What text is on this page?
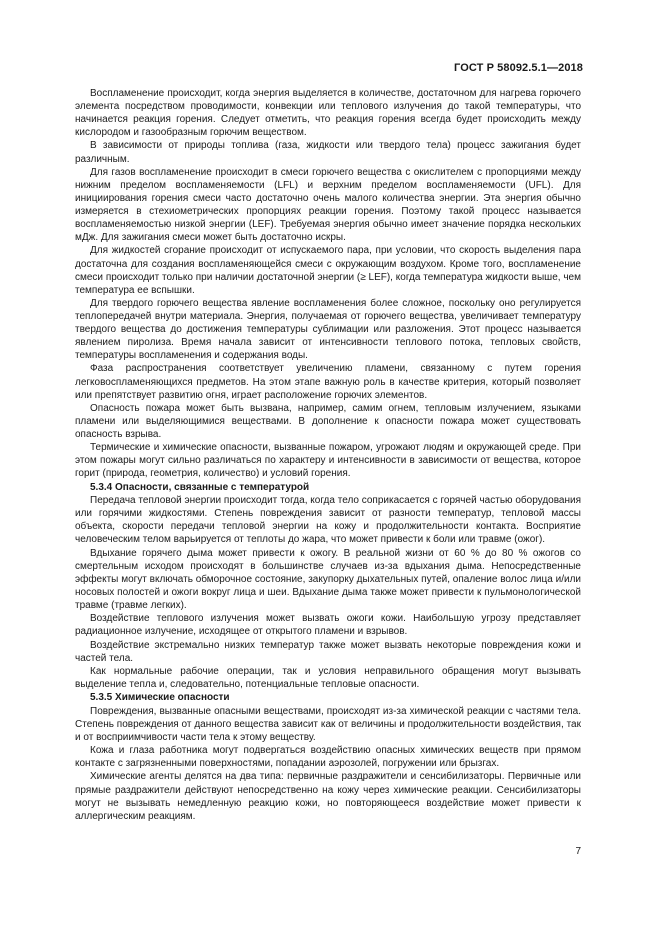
ГОСТ Р 58092.5.1—2018

Воспламенение происходит, когда энергия выделяется в количестве, достаточном для нагрева горючего элемента посредством проводимости, конвекции или теплового излучения до такой температуры, что начинается реакция горения. Следует отметить, что реакция горения всегда будет происходить между кислородом и газообразным горючим веществом.

В зависимости от природы топлива (газа, жидкости или твердого тела) процесс зажигания будет различным.

Для газов воспламенение происходит в смеси горючего вещества с окислителем с пропорциями между нижним пределом воспламеняемости (LFL) и верхним пределом воспламеняемости (UFL). Для инициирования горения смеси часто достаточно очень малого количества энергии. Эта энергия обычно измеряется в стехиометрических пропорциях реакции горения. Поэтому такой процесс называется воспламеняемостью низкой энергии (LEF). Требуемая энергия обычно имеет значение порядка нескольких мДж. Для зажигания смеси может быть достаточно искры.

Для жидкостей сгорание происходит от испускаемого пара, при условии, что скорость выделения пара достаточна для создания воспламеняющейся смеси с окружающим воздухом. Кроме того, воспламенение смеси происходит только при наличии достаточной энергии (≥ LEF), когда температура жидкости выше, чем температура ее вспышки.

Для твердого горючего вещества явление воспламенения более сложное, поскольку оно регулируется теплопередачей внутри материала. Энергия, получаемая от горючего вещества, увеличивает температуру твердого вещества до достижения температуры сублимации или разложения. Этот процесс называется явлением пиролиза. Время начала зависит от интенсивности теплового потока, тепловых свойств, температуры воспламенения и содержания воды.

Фаза распространения соответствует увеличению пламени, связанному с путем горения легковоспламеняющихся предметов. На этом этапе важную роль в качестве критерия, который позволяет или препятствует развитию огня, играет расположение горючих элементов.

Опасность пожара может быть вызвана, например, самим огнем, тепловым излучением, языками пламени или выделяющимися веществами. В дополнение к опасности пожара может существовать опасность взрыва.

Термические и химические опасности, вызванные пожаром, угрожают людям и окружающей среде. При этом пожары могут сильно различаться по характеру и интенсивности в зависимости от вещества, которое горит (природа, геометрия, количество) и условий горения.

5.3.4 Опасности, связанные с температурой

Передача тепловой энергии происходит тогда, когда тело соприкасается с горячей частью оборудования или горячими жидкостями. Степень повреждения зависит от разности температур, тепловой массы объекта, скорости передачи тепловой энергии на кожу и продолжительности контакта. Восприятие человеческим телом варьируется от теплоты до жара, что может привести к боли или травме (ожог).

Вдыхание горячего дыма может привести к ожогу. В реальной жизни от 60 % до 80 % ожогов со смертельным исходом происходят в большинстве случаев из-за вдыхания дыма. Непосредственные эффекты могут включать обморочное состояние, закупорку дыхательных путей, опаление волос лица и/или носовых полостей и ожоги вокруг лица и шеи. Вдыхание дыма также может привести к пульмонологической травме (травме легких).

Воздействие теплового излучения может вызвать ожоги кожи. Наибольшую угрозу представляет радиационное излучение, исходящее от открытого пламени и взрывов.

Воздействие экстремально низких температур также может вызвать некоторые повреждения кожи и частей тела.

Как нормальные рабочие операции, так и условия неправильного обращения могут вызывать выделение тепла и, следовательно, потенциальные тепловые опасности.

5.3.5 Химические опасности

Повреждения, вызванные опасными веществами, происходят из-за химической реакции с частями тела. Степень повреждения от данного вещества зависит как от величины и продолжительности воздействия, так и от восприимчивости части тела к этому веществу.

Кожа и глаза работника могут подвергаться воздействию опасных химических веществ при прямом контакте с загрязненными поверхностями, попадании аэрозолей, погружении или брызгах.

Химические агенты делятся на два типа: первичные раздражители и сенсибилизаторы. Первичные или прямые раздражители действуют непосредственно на кожу через химические реакции. Сенсибилизаторы могут не вызывать немедленную реакцию кожи, но повторяющееся воздействие может привести к аллергическим реакциям.

7
